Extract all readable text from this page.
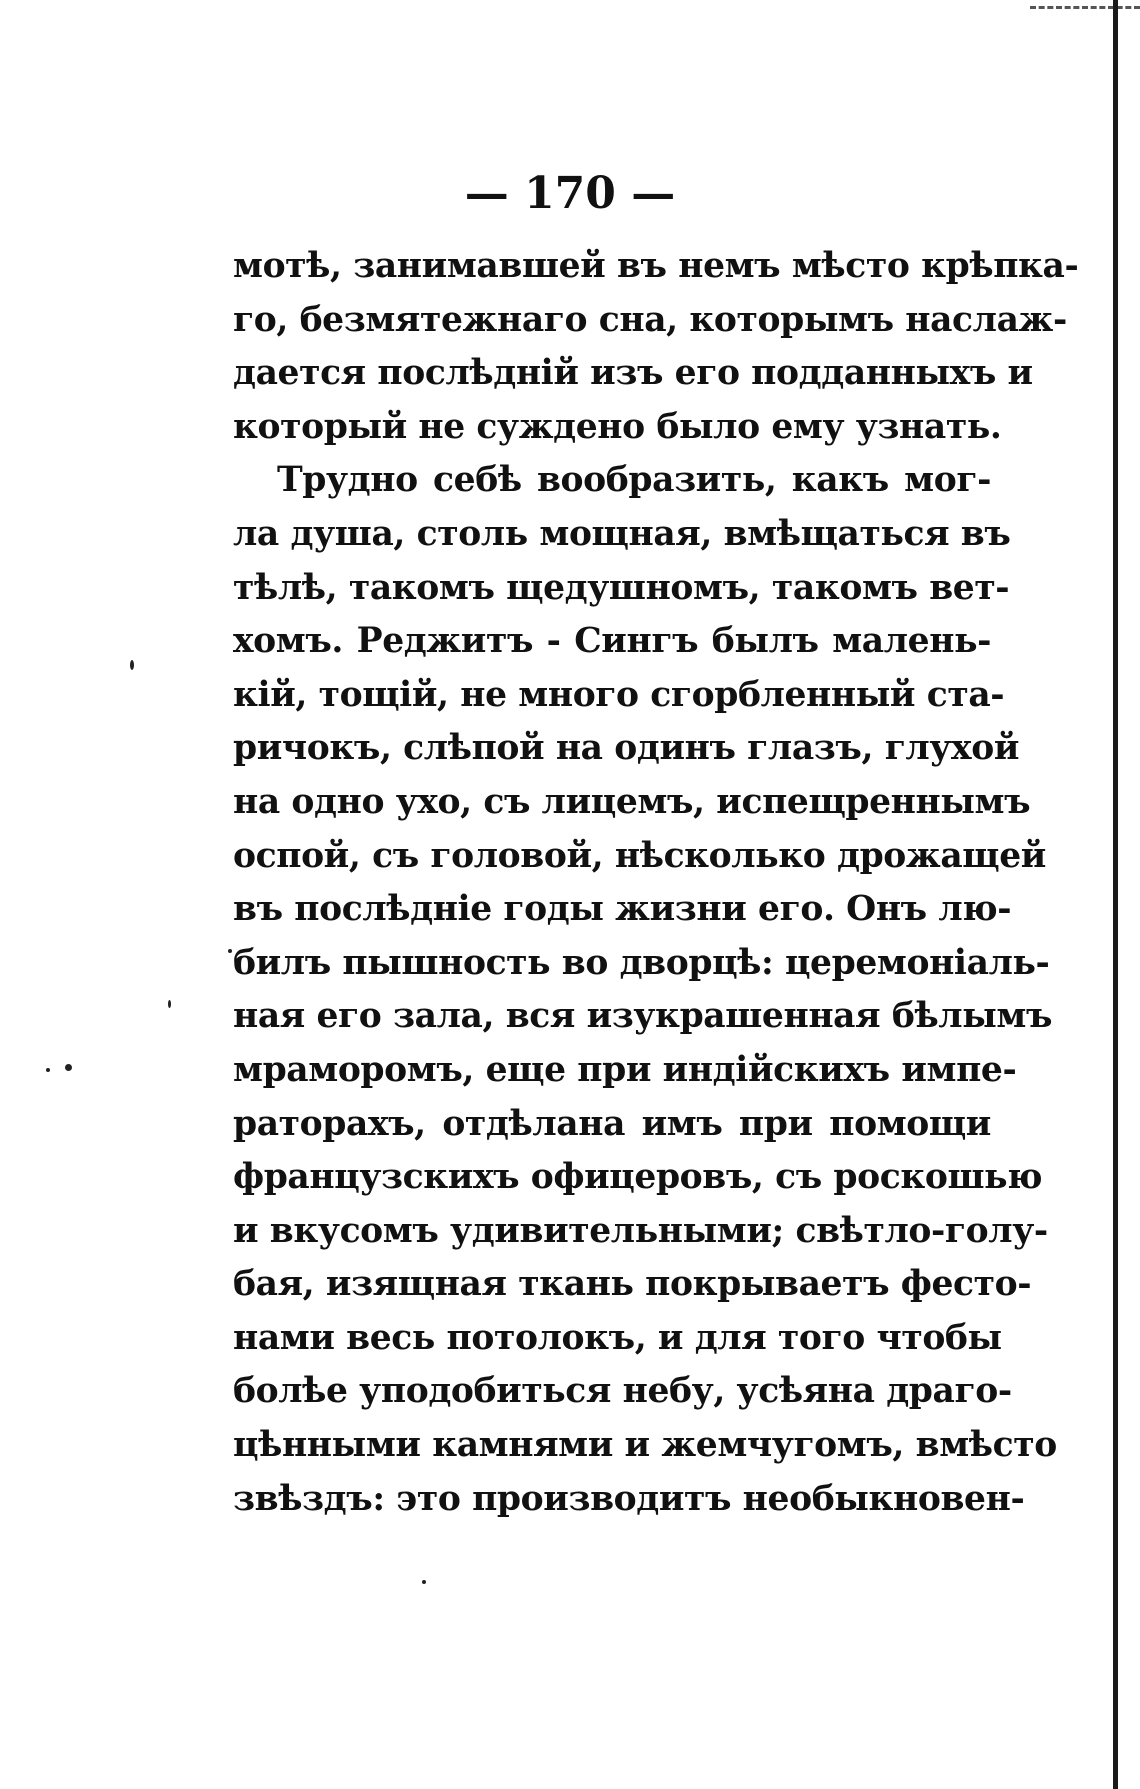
— 170 —
мотѣ, занимавшей въ немъ мѣсто крѣпка-
го, безмятежнаго сна, которымъ наслаж-
дается послѣдній изъ его подданныхъ и
который не суждено было ему узнать.
Трудно себѣ вообразить, какъ мог-
ла душа, столь мощная, вмѣщаться въ
тѣлѣ, такомъ щедушномъ, такомъ вет-
хомъ. Реджитъ - Сингъ былъ малень-
кій, тощій, не много сгорбленный ста-
ричокъ, слѣпой на одинъ глазъ, глухой
на одно ухо, съ лицемъ, испещреннымъ
оспой, съ головой, нѣсколько дрожащей
въ послѣдніе годы жизни его. Онъ лю-
билъ пышность во дворцѣ: церемоніаль-
ная его зала, вся изукрашенная бѣлымъ
мраморомъ, еще при индійскихъ импе-
раторахъ, отдѣлана имъ при помощи
французскихъ офицеровъ, съ роскошью
и вкусомъ удивительными; свѣтло-голу-
бая, изящная ткань покрываетъ фесто-
нами весь потолокъ, и для того чтобы
болѣе уподобиться небу, усѣяна драго-
цѣнными камнями и жемчугомъ, вмѣсто
звѣздъ: это производитъ необыкновен-
